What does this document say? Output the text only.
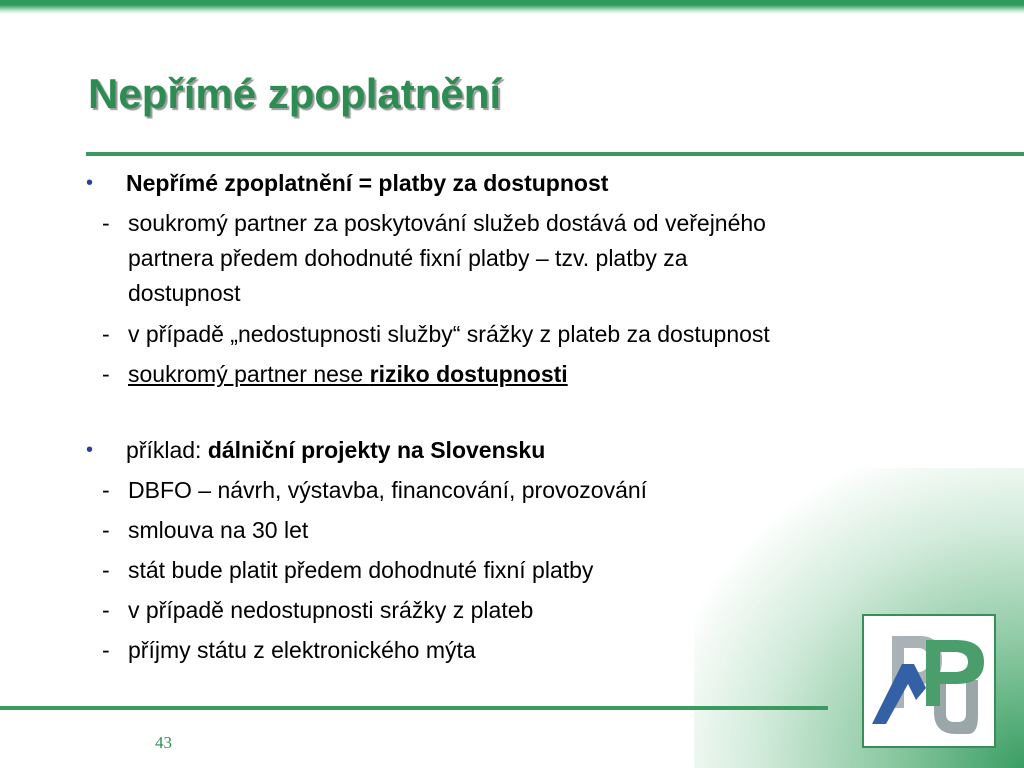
Nepřímé zpoplatnění
• Nepřímé zpoplatnění = platby za dostupnost
- soukromý partner za poskytování služeb dostává od veřejného
partnera předem dohodnuté fixní platby – tzv. platby za
dostupnost
- v případě „nedostupnosti služby“ srážky z plateb za dostupnost
- soukromý partner nese riziko dostupnosti
• příklad: dálniční projekty na Slovensku
- DBFO – návrh, výstavba, financování, provozování
- smlouva na 30 let
- stát bude platit předem dohodnuté fixní platby
- v případě nedostupnosti srážky z plateb
- příjmy státu z elektronického mýta
43
